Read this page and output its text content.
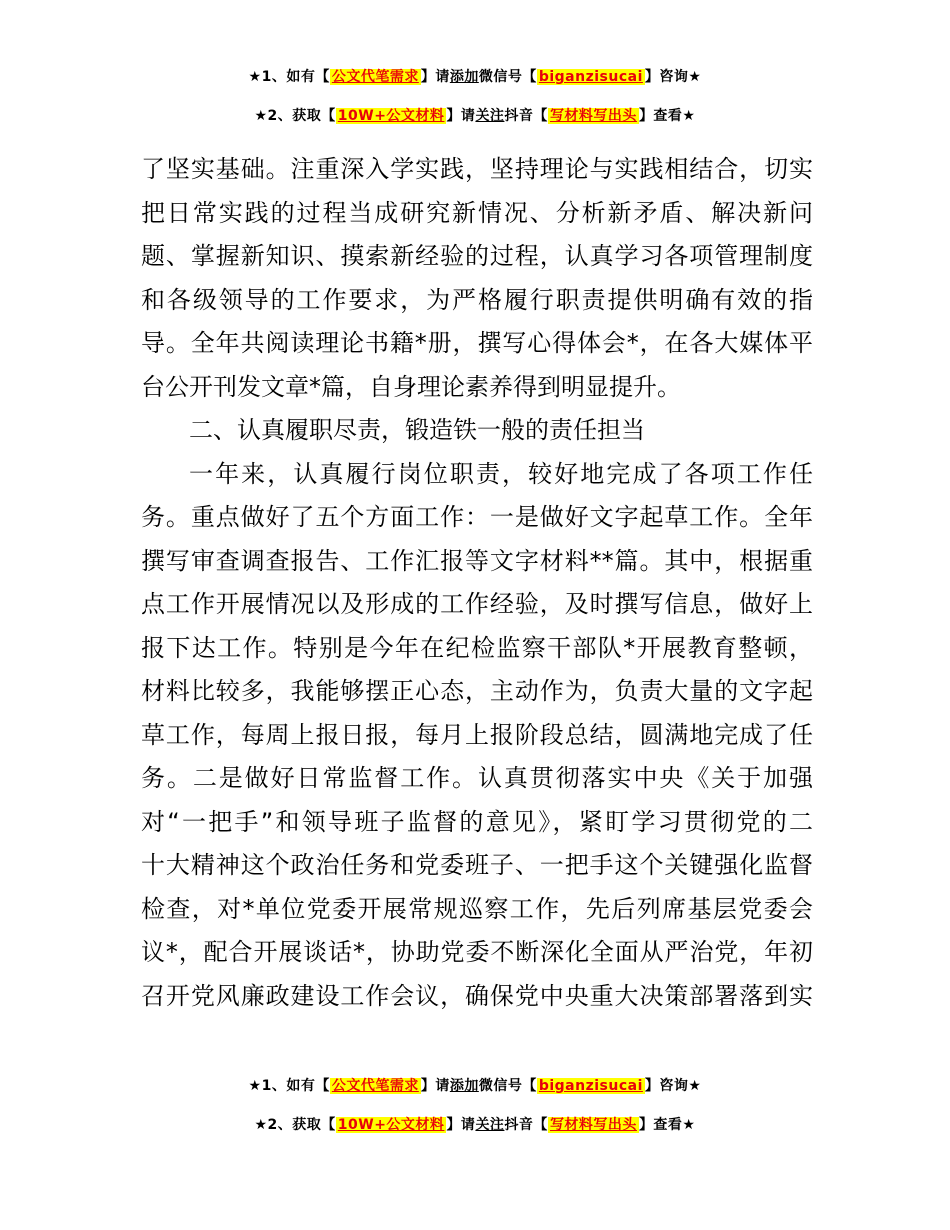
★1、如有【 公文代笔需求 】请添加微信号【 biganzisucai 】咨询★
★2、获取【 10W+公文材料 】请关注抖音【 写材料写出头 】查看★
了坚实基础。注重深入学实践，坚持理论与实践相结合，切实
把日常实践的过程当成研究新情况、分析新矛盾、解决新问
题、掌握新知识、摸索新经验的过程，认真学习各项管理制度
和各级领导的工作要求，为严格履行职责提供明确有效的指
导。全年共阅读理论书籍*册，撰写心得体会*，在各大媒体平
台公开刊发文章*篇，自身理论素养得到明显提升。
二、认真履职尽责，锻造铁一般的责任担当
一年来，认真履行岗位职责，较好地完成了各项工作任
务。重点做好了五个方面工作：一是做好文字起草工作。全年
撰写审查调查报告、工作汇报等文字材料**篇。其中，根据重
点工作开展情况以及形成的工作经验，及时撰写信息，做好上
报下达工作。特别是今年在纪检监察干部队*开展教育整顿，
材料比较多，我能够摆正心态，主动作为，负责大量的文字起
草工作，每周上报日报，每月上报阶段总结，圆满地完成了任
务。二是做好日常监督工作。认真贯彻落实中央《关于加强
对“一把手”和领导班子监督的意见》，紧盯学习贯彻党的二
十大精神这个政治任务和党委班子、一把手这个关键强化监督
检查，对*单位党委开展常规巡察工作，先后列席基层党委会
议*，配合开展谈话*，协助党委不断深化全面从严治党，年初
召开党风廉政建设工作会议，确保党中央重大决策部署落到实
★1、如有【 公文代笔需求 】请添加微信号【 biganzisucai 】咨询★
★2、获取【 10W+公文材料 】请关注抖音【 写材料写出头 】查看★
